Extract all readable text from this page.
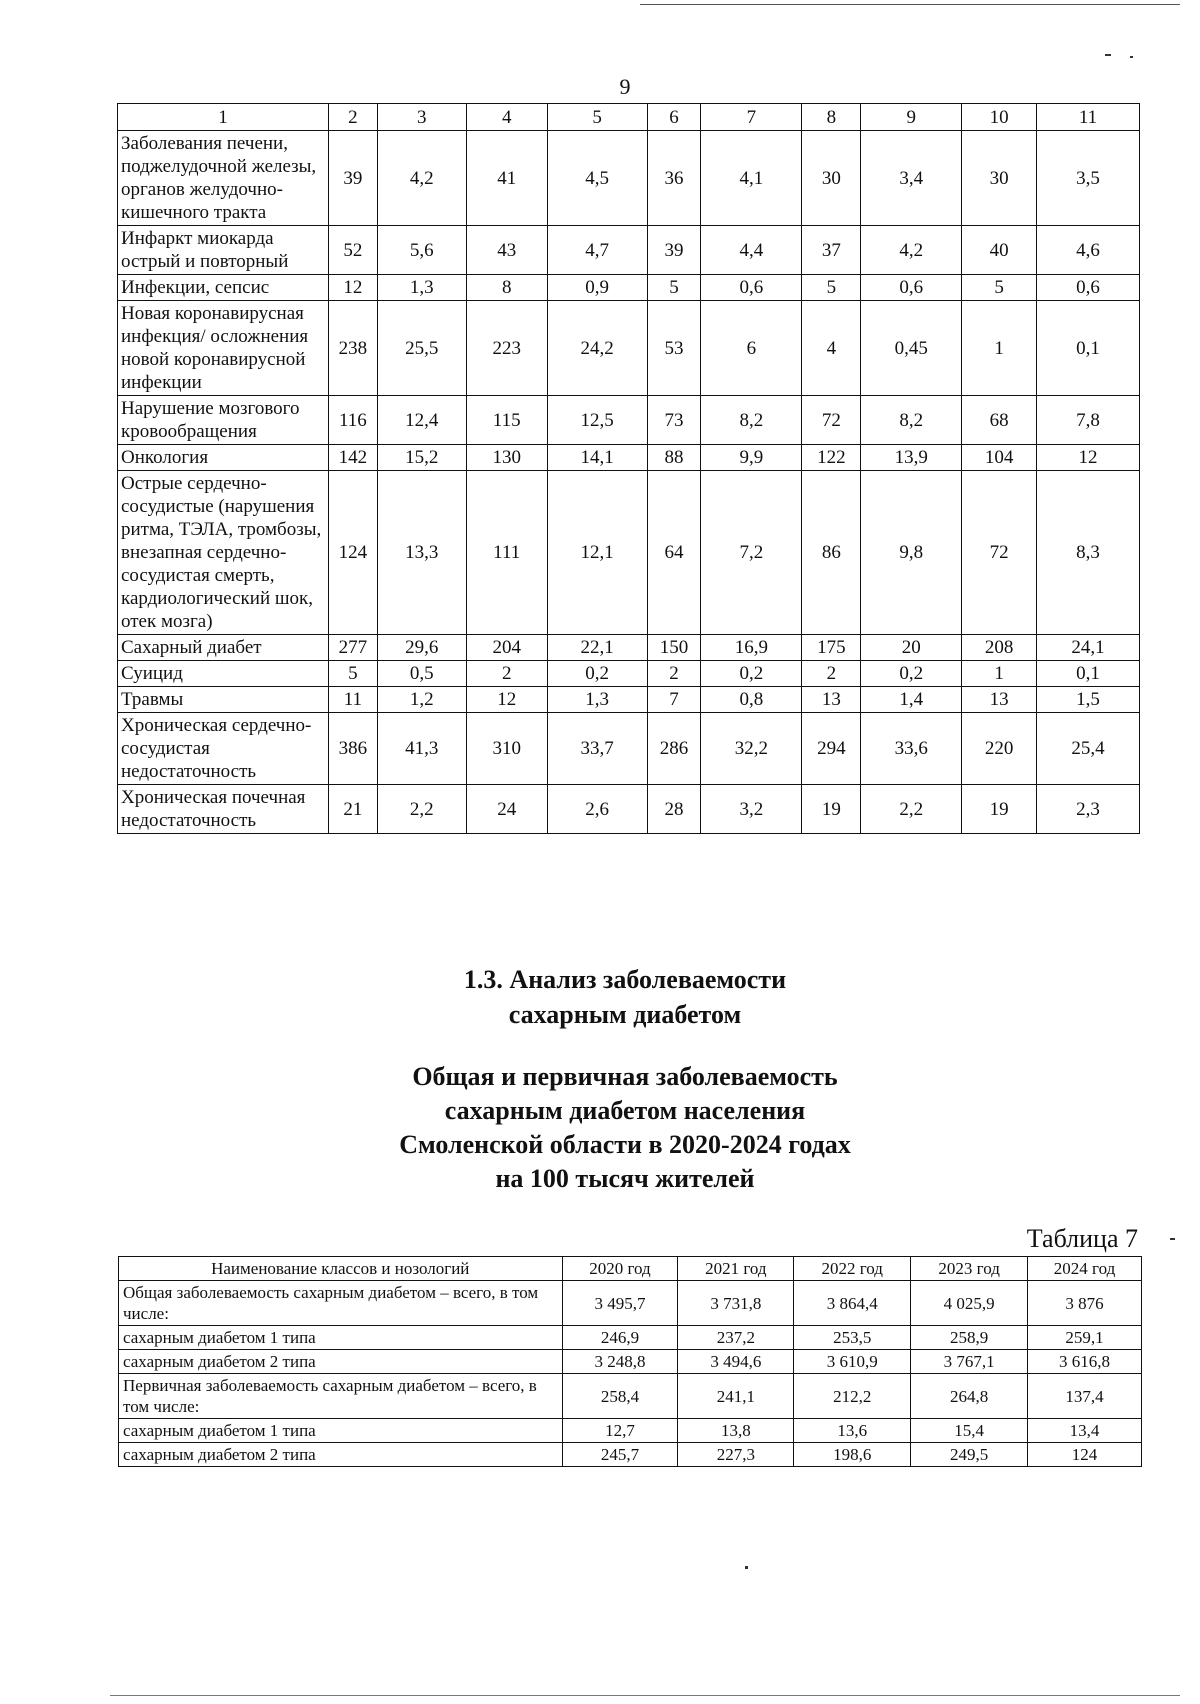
9
1	2	3	4	5	6	7	8	9	10	11
Заболевания печени, поджелудочной железы, органов желудочно-кишечного тракта	39	4,2	41	4,5	36	4,1	30	3,4	30	3,5
Инфаркт миокарда острый и повторный	52	5,6	43	4,7	39	4,4	37	4,2	40	4,6
Инфекции, сепсис	12	1,3	8	0,9	5	0,6	5	0,6	5	0,6
Новая коронавирусная инфекция/ осложнения новой коронавирусной инфекции	238	25,5	223	24,2	53	6	4	0,45	1	0,1
Нарушение мозгового кровообращения	116	12,4	115	12,5	73	8,2	72	8,2	68	7,8
Онкология	142	15,2	130	14,1	88	9,9	122	13,9	104	12
Острые сердечно-сосудистые (нарушения ритма, ТЭЛА, тромбозы, внезапная сердечно-сосудистая смерть, кардиологический шок, отек мозга)	124	13,3	111	12,1	64	7,2	86	9,8	72	8,3
Сахарный диабет	277	29,6	204	22,1	150	16,9	175	20	208	24,1
Суицид	5	0,5	2	0,2	2	0,2	2	0,2	1	0,1
Травмы	11	1,2	12	1,3	7	0,8	13	1,4	13	1,5
Хроническая сердечно-сосудистая недостаточность	386	41,3	310	33,7	286	32,2	294	33,6	220	25,4
Хроническая почечная недостаточность	21	2,2	24	2,6	28	3,2	19	2,2	19	2,3
1.3. Анализ заболеваемости
сахарным диабетом
Общая и первичная заболеваемость
сахарным диабетом населения
Смоленской области в 2020-2024 годах
на 100 тысяч жителей
Таблица 7
Наименование классов и нозологий	2020 год	2021 год	2022 год	2023 год	2024 год
Общая заболеваемость сахарным диабетом – всего, в том числе:	3 495,7	3 731,8	3 864,4	4 025,9	3 876
сахарным диабетом 1 типа	246,9	237,2	253,5	258,9	259,1
сахарным диабетом 2 типа	3 248,8	3 494,6	3 610,9	3 767,1	3 616,8
Первичная заболеваемость сахарным диабетом – всего, в том числе:	258,4	241,1	212,2	264,8	137,4
сахарным диабетом 1 типа	12,7	13,8	13,6	15,4	13,4
сахарным диабетом 2 типа	245,7	227,3	198,6	249,5	124
